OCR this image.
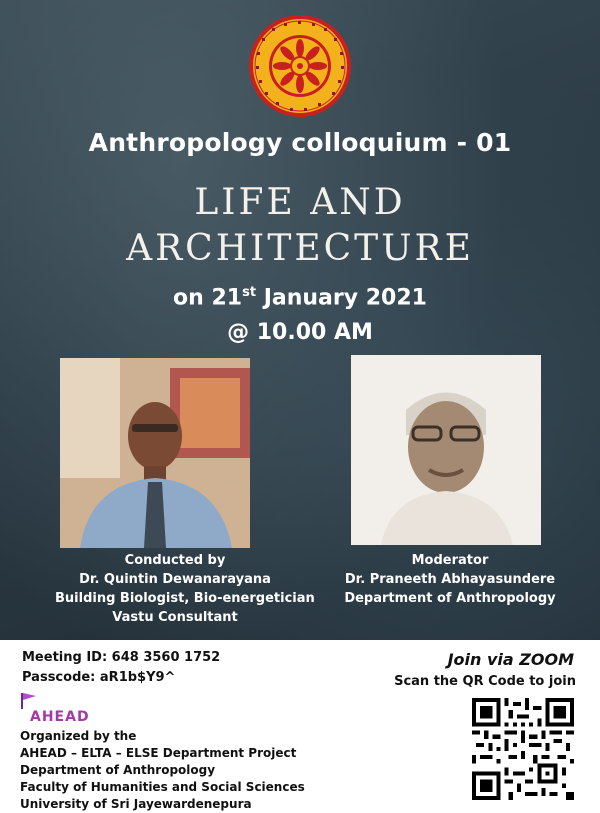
Anthropology colloquium - 01
LIFE AND
ARCHITECTURE
on 21st January 2021
@ 10.00 AM
Conducted by
Dr. Quintin Dewanarayana
Building Biologist, Bio-energetician
Vastu Consultant
Moderator
Dr. Praneeth Abhayasundere
Department of Anthropology
Meeting ID: 648 3560 1752
Passcode: aR1b$Y9^
AHEAD
Organized by the
AHEAD – ELTA – ELSE Department Project
Department of Anthropology
Faculty of Humanities and Social Sciences
University of Sri Jayewardenepura
Join via ZOOM
Scan the QR Code to join
